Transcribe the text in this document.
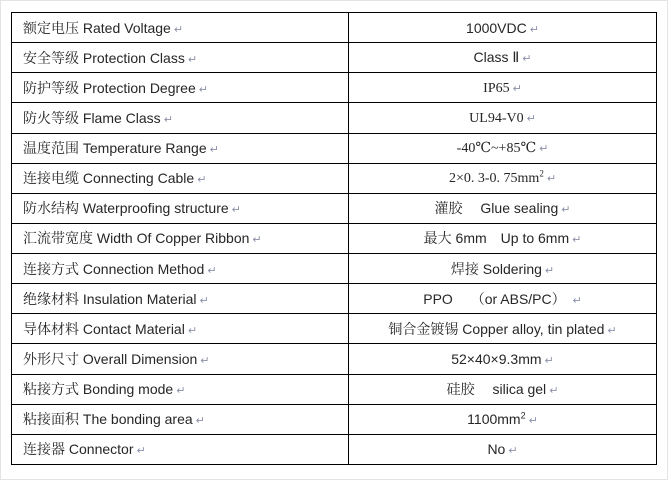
额定电压 Rated Voltage ↵	1000VDC ↵
安全等级 Protection Class ↵	Class Ⅱ ↵
防护等级 Protection Degree ↵	IP65 ↵
防火等级 Flame Class ↵	UL94-V0 ↵
温度范围 Temperature Range ↵	-40℃~+85℃ ↵
连接电缆 Connecting Cable ↵	2×0. 3-0. $75mm^2$ ↵
防水结构 Waterproofing structure ↵	灌胶　 Glue sealing ↵
汇流带宽度 Width Of Copper Ribbon ↵	最大 6mm　Up to 6mm ↵
连接方式 Connection Method ↵	焊接 Soldering ↵
绝缘材料 Insulation Material ↵	PPO　 （or ABS/PC） ↵
导体材料 Contact Material ↵	铜合金镀锡 Copper alloy, tin plated ↵
外形尺寸 Overall Dimension ↵	52×40×9.3mm ↵
粘接方式 Bonding mode ↵	硅胶　 silica gel ↵
粘接面积 The bonding area ↵	$1100mm^2$ ↵
连接器 Connector ↵	No ↵
